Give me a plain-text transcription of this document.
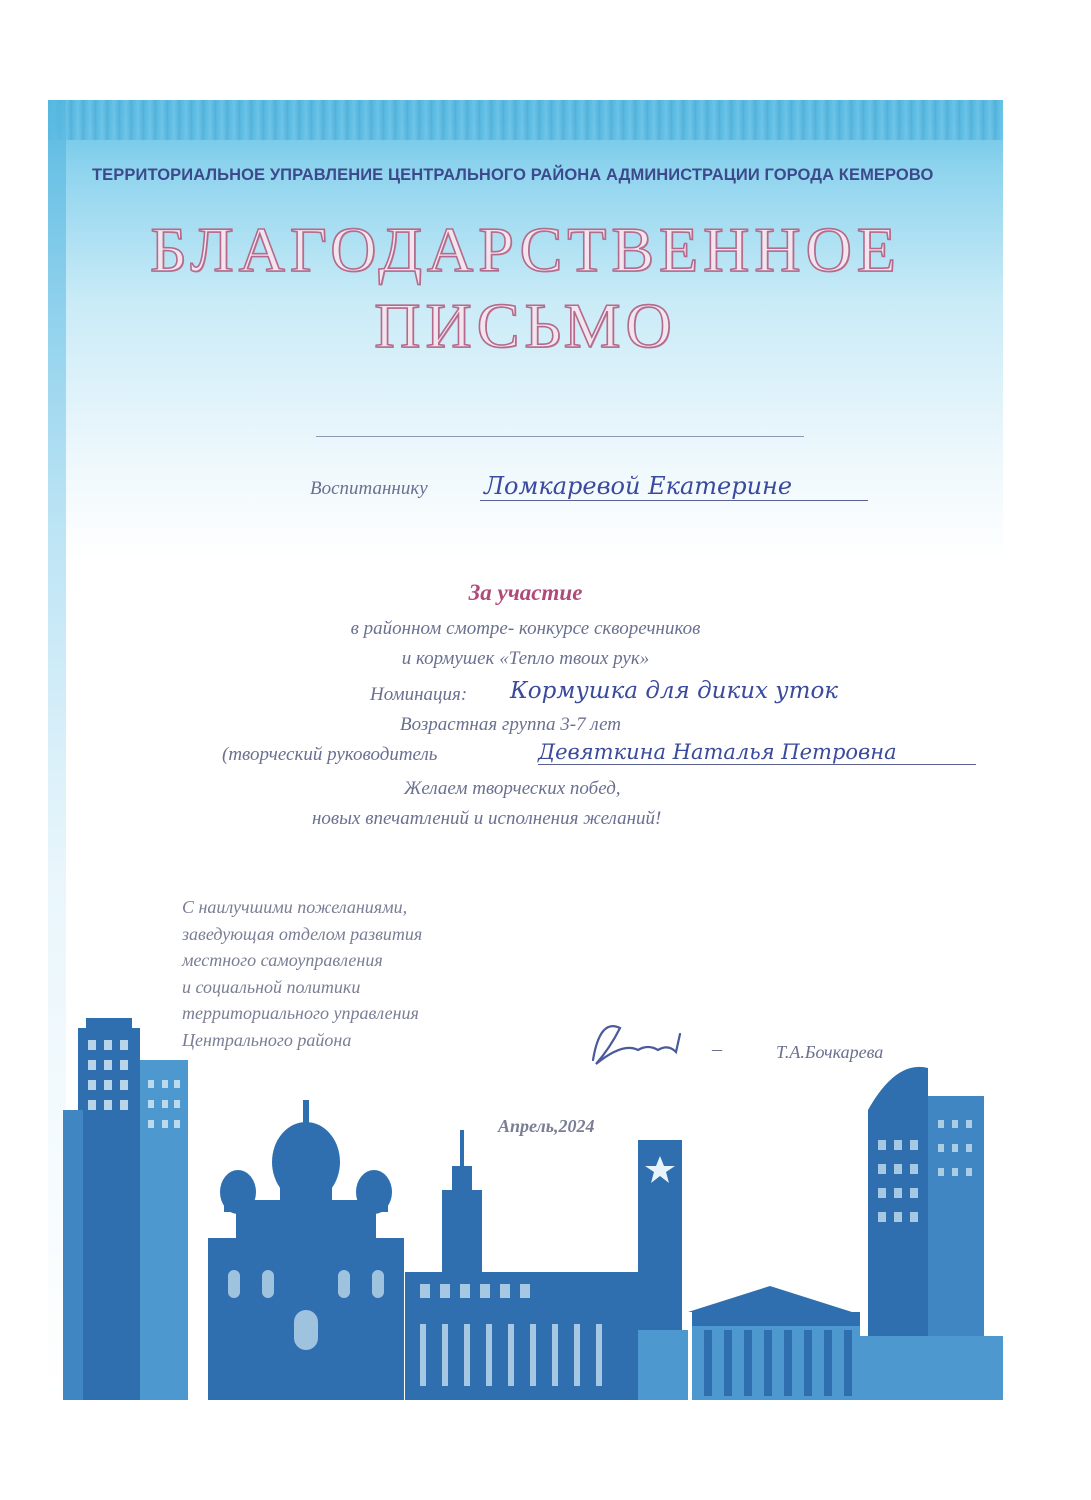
ТЕРРИТОРИАЛЬНОЕ УПРАВЛЕНИЕ ЦЕНТРАЛЬНОГО РАЙОНА АДМИНИСТРАЦИИ ГОРОДА КЕМЕРОВО
БЛАГОДАРСТВЕННОЕ
ПИСЬМО
Воспитаннику Ломкаревой Екатерине
За участие
в районном смотре- конкурсе скворечников
и кормушек «Тепло твоих рук»
Номинация: Кормушка для диких уток
Возрастная группа 3-7 лет
(творческий руководитель	Девяткина Наталья Петровна
Желаем творческих побед,
новых впечатлений и исполнения желаний!
С наилучшими пожеланиями,
заведующая отделом развития
местного самоуправления
и социальной политики
территориального управления
Центрального района	–	Т.А.Бочкарева
Апрель,2024
